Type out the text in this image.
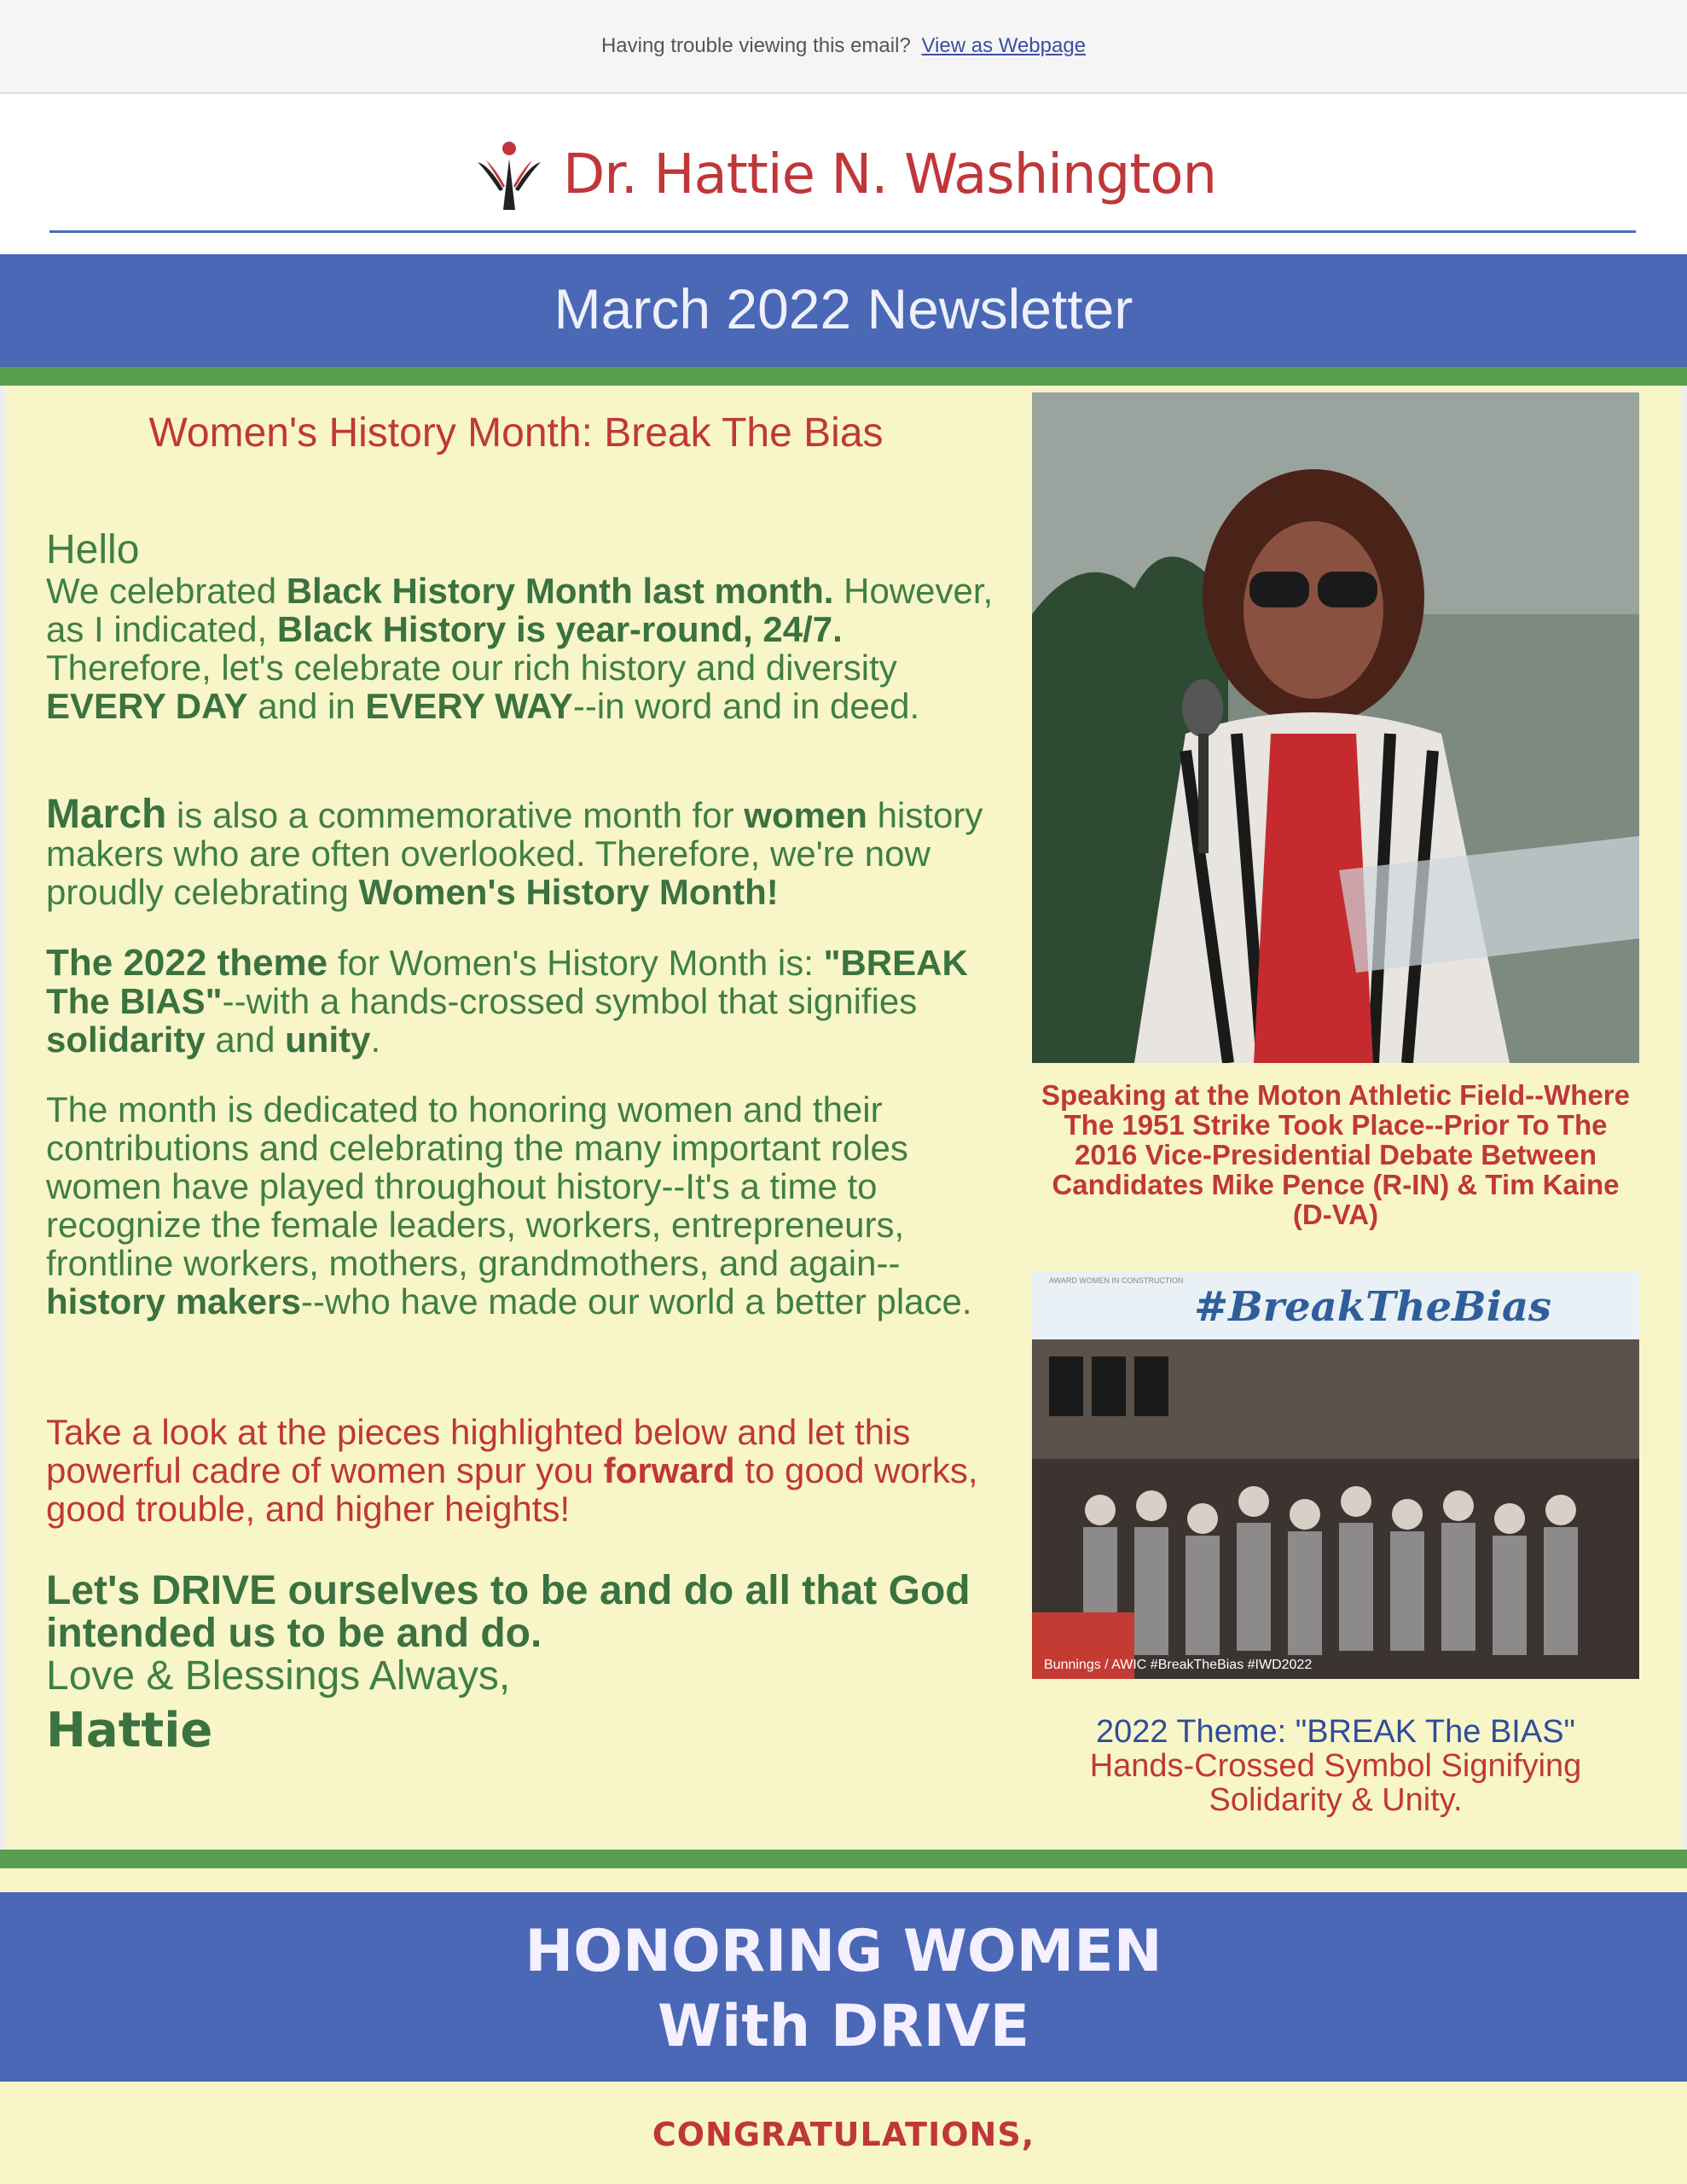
Having trouble viewing this email? View as Webpage
Dr. Hattie N. Washington
March 2022 Newsletter
Women's History Month: Break The Bias
Hello
We celebrated Black History Month last month. However, as I indicated, Black History is year-round, 24/7. Therefore, let's celebrate our rich history and diversity EVERY DAY and in EVERY WAY--in word and in deed.
March is also a commemorative month for women history makers who are often overlooked. Therefore, we're now proudly celebrating Women's History Month!
The 2022 theme for Women's History Month is: "BREAK The BIAS"--with a hands-crossed symbol that signifies solidarity and unity.
The month is dedicated to honoring women and their contributions and celebrating the many important roles women have played throughout history--It's a time to recognize the female leaders, workers, entrepreneurs, frontline workers, mothers, grandmothers, and again--history makers--who have made our world a better place.
Take a look at the pieces highlighted below and let this powerful cadre of women spur you forward to good works, good trouble, and higher heights!
Let's DRIVE ourselves to be and do all that God intended us to be and do.
Love & Blessings Always,
Hattie
Speaking at the Moton Athletic Field--Where The 1951 Strike Took Place--Prior To The 2016 Vice-Presidential Debate Between Candidates Mike Pence (R-IN) & Tim Kaine (D-VA)
AWARD WOMEN IN CONSTRUCTION
#BreakTheBias
Bunnings / AWIC #BreakTheBias #IWD2022
2022 Theme: "BREAK The BIAS"
Hands-Crossed Symbol Signifying Solidarity & Unity.
HONORING WOMEN
With DRIVE
CONGRATULATIONS,
